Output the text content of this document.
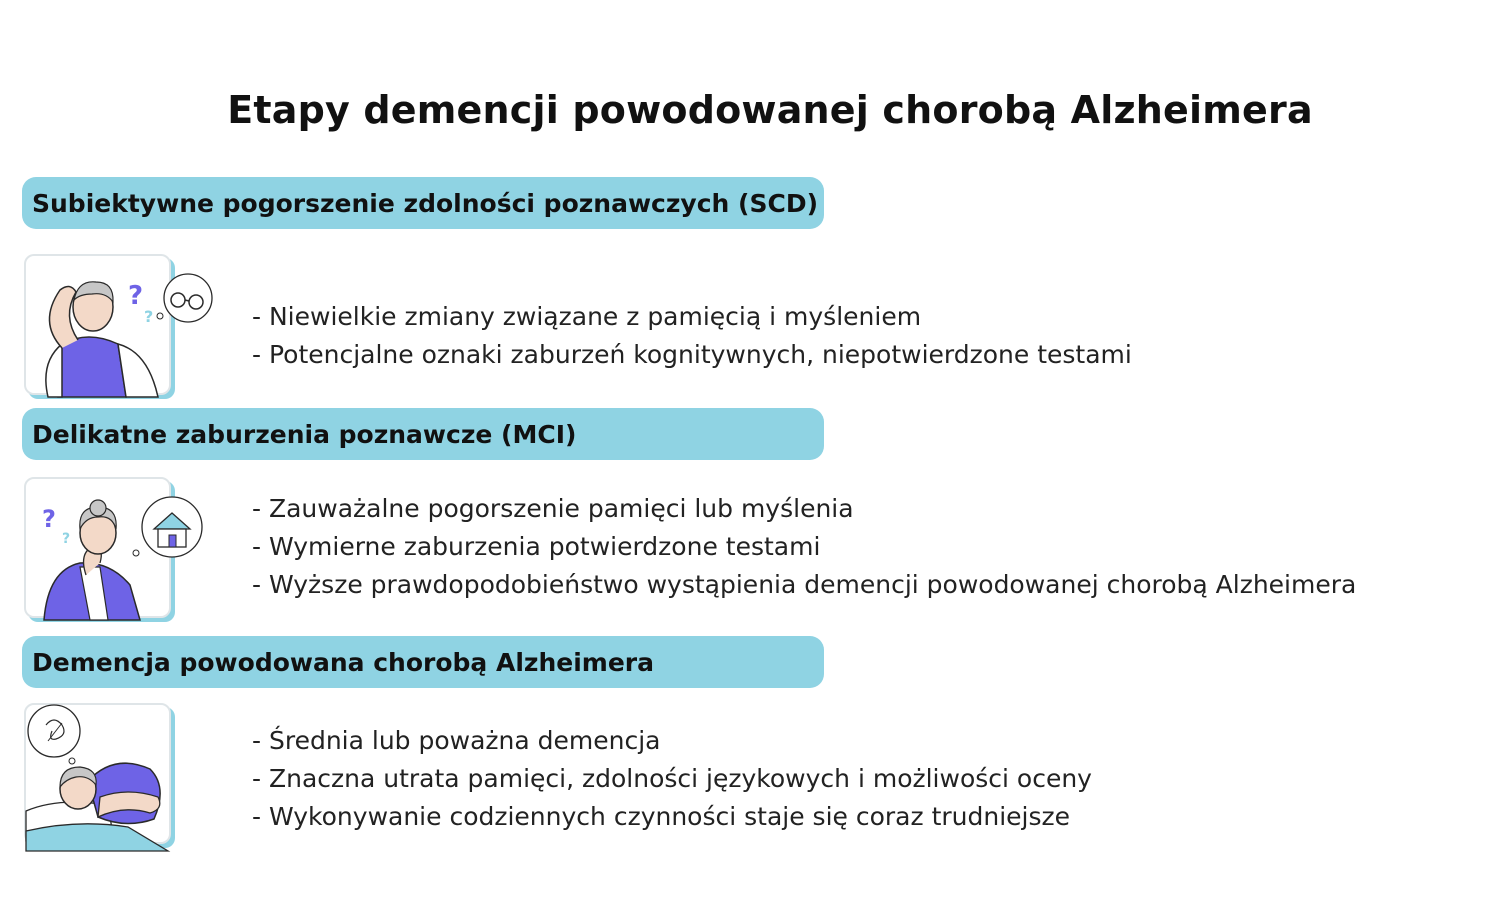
Etapy demencji powodowanej chorobą Alzheimera
Subiektywne pogorszenie zdolności poznawczych (SCD)
?
?	- Niewielkie zmiany związane z pamięcią i myśleniem
- Potencjalne oznaki zaburzeń kognitywnych, niepotwierdzone testami
Delikatne zaburzenia poznawcze (MCI)
?
?
- Zauważalne pogorszenie pamięci lub myślenia
- Wymierne zaburzenia potwierdzone testami
- Wyższe prawdopodobieństwo wystąpienia demencji powodowanej chorobą Alzheimera
Demencja powodowana chorobą Alzheimera
- Średnia lub poważna demencja
- Znaczna utrata pamięci, zdolności językowych i możliwości oceny
- Wykonywanie codziennych czynności staje się coraz trudniejsze
